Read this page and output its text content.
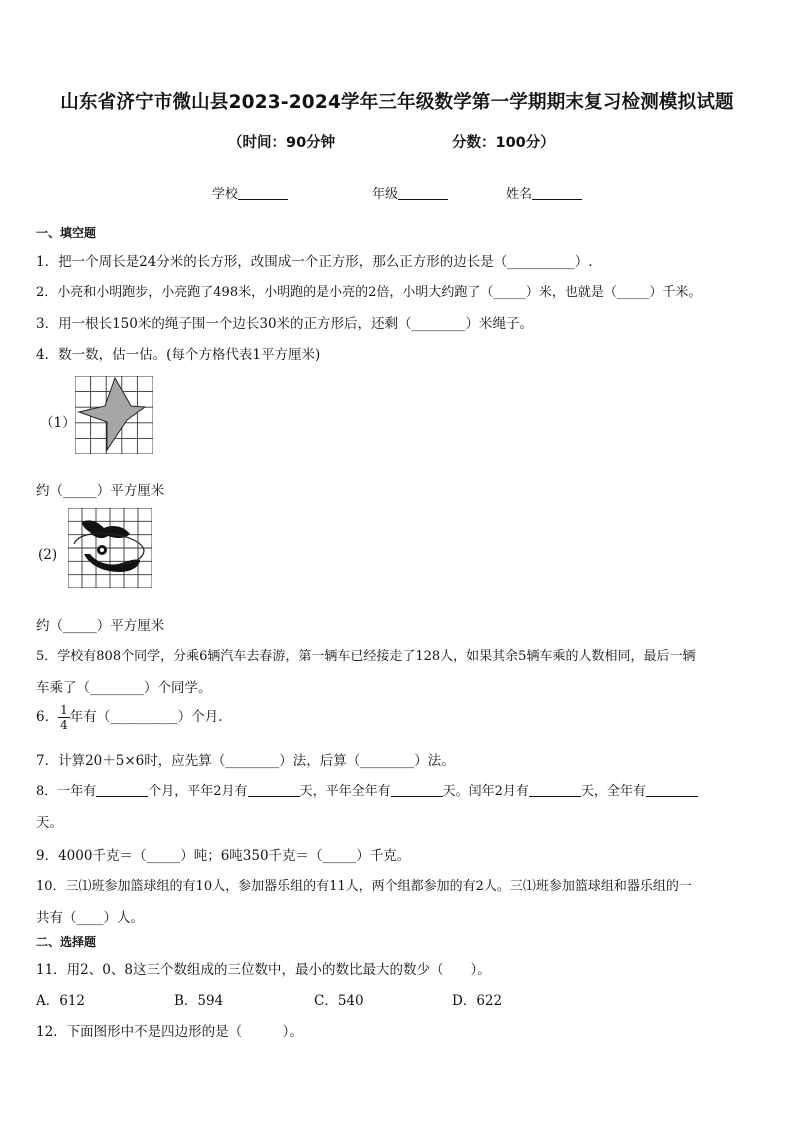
山东省济宁市微山县2023-2024学年三年级数学第一学期期末复习检测模拟试题
（时间：90分钟	分数：100分）
学校	年级	姓名
一、填空题
1．把一个周长是24分米的长方形，改围成一个正方形，那么正方形的边长是（__________）.
2．小亮和小明跑步，小亮跑了498米，小明跑的是小亮的2倍，小明大约跑了（_____）米，也就是（_____）千米。
3．用一根长150米的绳子围一个边长30米的正方形后，还剩（________）米绳子。
4．数一数，估一估。(每个方格代表1平方厘米)
（1）
约（_____）平方厘米
(2)
约（_____）平方厘米
5．学校有808个同学，分乘6辆汽车去春游，第一辆车已经接走了128人，如果其余5辆车乘的人数相同，最后一辆
车乘了（________）个同学。
6． $\frac{1}{4}$ 年有（__________）个月.
7．计算20＋5×6时，应先算（________）法，后算（________）法。
8．一年有	个月，平年2月有	天，平年全年有	天。闰年2月有	天，全年有
天。
9．4000千克＝（_____）吨；6吨350千克＝（_____）千克。
10．三⑴班参加篮球组的有10人，参加器乐组的有11人，两个组都参加的有2人。三⑴班参加篮球组和器乐组的一
共有（____）人。
二、选择题
11．用2、0、8这三个数组成的三位数中，最小的数比最大的数少（　　）。
A．612	B．594	C．540	D．622
12．下面图形中不是四边形的是（　　　）。
